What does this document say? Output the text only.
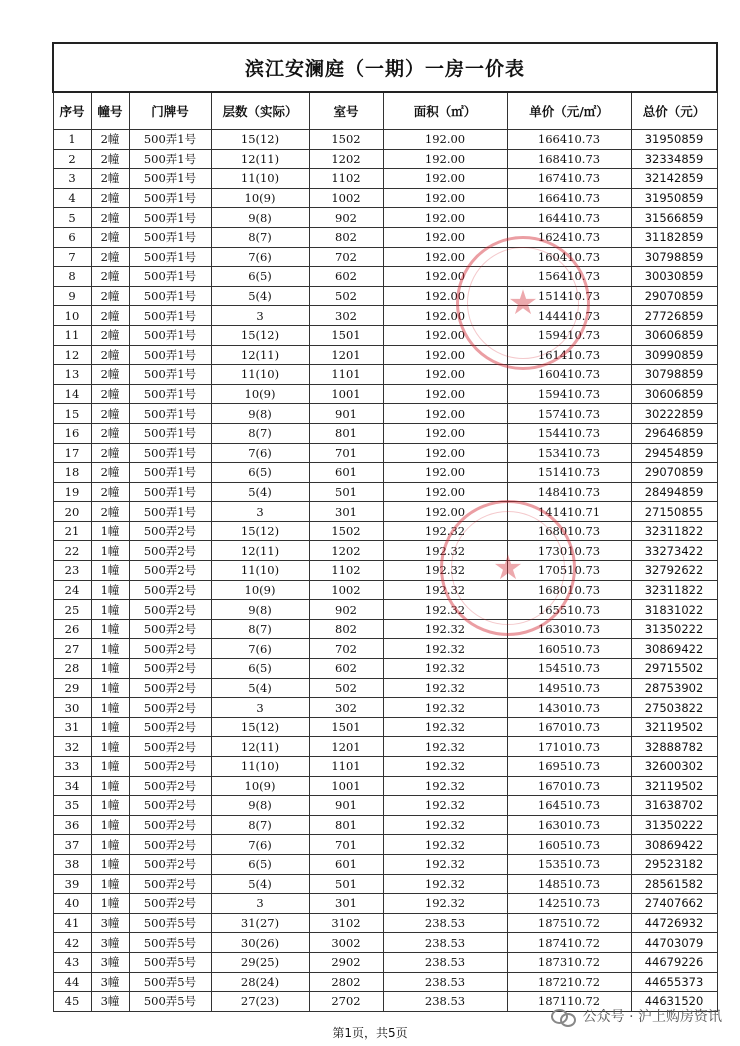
滨江安澜庭（一期）一房一价表							
序号	幢号	门牌号	层数（实际）	室号	面积（㎡）	单价（元/㎡）	总价（元）
1	2幢	500弄1号	15(12)	1502	192.00	166410.73	31950859
2	2幢	500弄1号	12(11)	1202	192.00	168410.73	32334859
3	2幢	500弄1号	11(10)	1102	192.00	167410.73	32142859
4	2幢	500弄1号	10(9)	1002	192.00	166410.73	31950859
5	2幢	500弄1号	9(8)	902	192.00	164410.73	31566859
6	2幢	500弄1号	8(7)	802	192.00	162410.73	31182859
7	2幢	500弄1号	7(6)	702	192.00	160410.73	30798859
8	2幢	500弄1号	6(5)	602	192.00	156410.73	30030859
9	2幢	500弄1号	5(4)	502	192.00	151410.73	29070859
10	2幢	500弄1号	3	302	192.00	144410.73	27726859
11	2幢	500弄1号	15(12)	1501	192.00	159410.73	30606859
12	2幢	500弄1号	12(11)	1201	192.00	161410.73	30990859
13	2幢	500弄1号	11(10)	1101	192.00	160410.73	30798859
14	2幢	500弄1号	10(9)	1001	192.00	159410.73	30606859
15	2幢	500弄1号	9(8)	901	192.00	157410.73	30222859
16	2幢	500弄1号	8(7)	801	192.00	154410.73	29646859
17	2幢	500弄1号	7(6)	701	192.00	153410.73	29454859
18	2幢	500弄1号	6(5)	601	192.00	151410.73	29070859
19	2幢	500弄1号	5(4)	501	192.00	148410.73	28494859
20	2幢	500弄1号	3	301	192.00	141410.71	27150855
21	1幢	500弄2号	15(12)	1502	192.32	168010.73	32311822
22	1幢	500弄2号	12(11)	1202	192.32	173010.73	33273422
23	1幢	500弄2号	11(10)	1102	192.32	170510.73	32792622
24	1幢	500弄2号	10(9)	1002	192.32	168010.73	32311822
25	1幢	500弄2号	9(8)	902	192.32	165510.73	31831022
26	1幢	500弄2号	8(7)	802	192.32	163010.73	31350222
27	1幢	500弄2号	7(6)	702	192.32	160510.73	30869422
28	1幢	500弄2号	6(5)	602	192.32	154510.73	29715502
29	1幢	500弄2号	5(4)	502	192.32	149510.73	28753902
30	1幢	500弄2号	3	302	192.32	143010.73	27503822
31	1幢	500弄2号	15(12)	1501	192.32	167010.73	32119502
32	1幢	500弄2号	12(11)	1201	192.32	171010.73	32888782
33	1幢	500弄2号	11(10)	1101	192.32	169510.73	32600302
34	1幢	500弄2号	10(9)	1001	192.32	167010.73	32119502
35	1幢	500弄2号	9(8)	901	192.32	164510.73	31638702
36	1幢	500弄2号	8(7)	801	192.32	163010.73	31350222
37	1幢	500弄2号	7(6)	701	192.32	160510.73	30869422
38	1幢	500弄2号	6(5)	601	192.32	153510.73	29523182
39	1幢	500弄2号	5(4)	501	192.32	148510.73	28561582
40	1幢	500弄2号	3	301	192.32	142510.73	27407662
41	3幢	500弄5号	31(27)	3102	238.53	187510.72	44726932
42	3幢	500弄5号	30(26)	3002	238.53	187410.72	44703079
43	3幢	500弄5号	29(25)	2902	238.53	187310.72	44679226
44	3幢	500弄5号	28(24)	2802	238.53	187210.72	44655373
45	3幢	500弄5号	27(23)	2702	238.53	187110.72	44631520
★
★
第1页，共5页
公众号 · 沪上购房资讯
